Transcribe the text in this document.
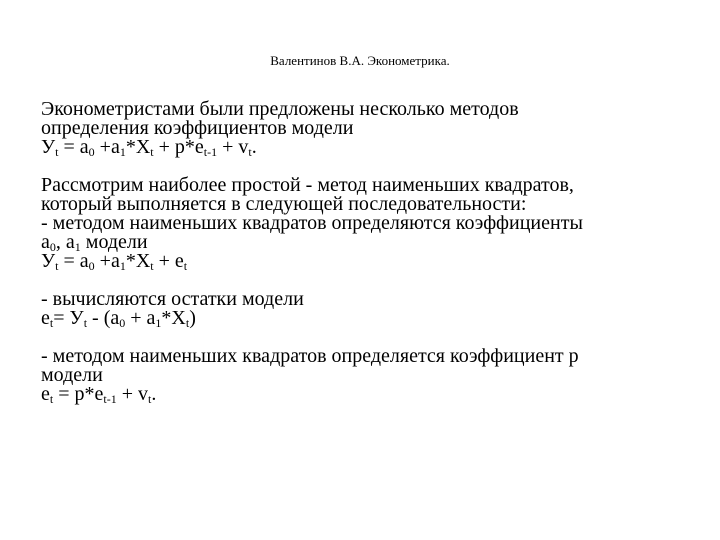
Валентинов В.А. Эконометрика.
Эконометристами были предложены несколько методов
определения коэффициентов модели
$У_t = a_0 +a_1*X_t + p*e_{t-1} + v_t$.
Рассмотрим наиболее простой - метод наименьших квадратов,
который выполняется в следующей последовательности:
- методом наименьших квадратов определяются коэффициенты
$a_0$, $a_1$ модели
$У_t = a_0 +a_1*X_t + e_t$
- вычисляются остатки модели
$e_t= У_t - (a_0 + a_1*X_t)$
- методом наименьших квадратов определяется коэффициент p
модели
$e_t = p*e_{t-1} + v_t$.
